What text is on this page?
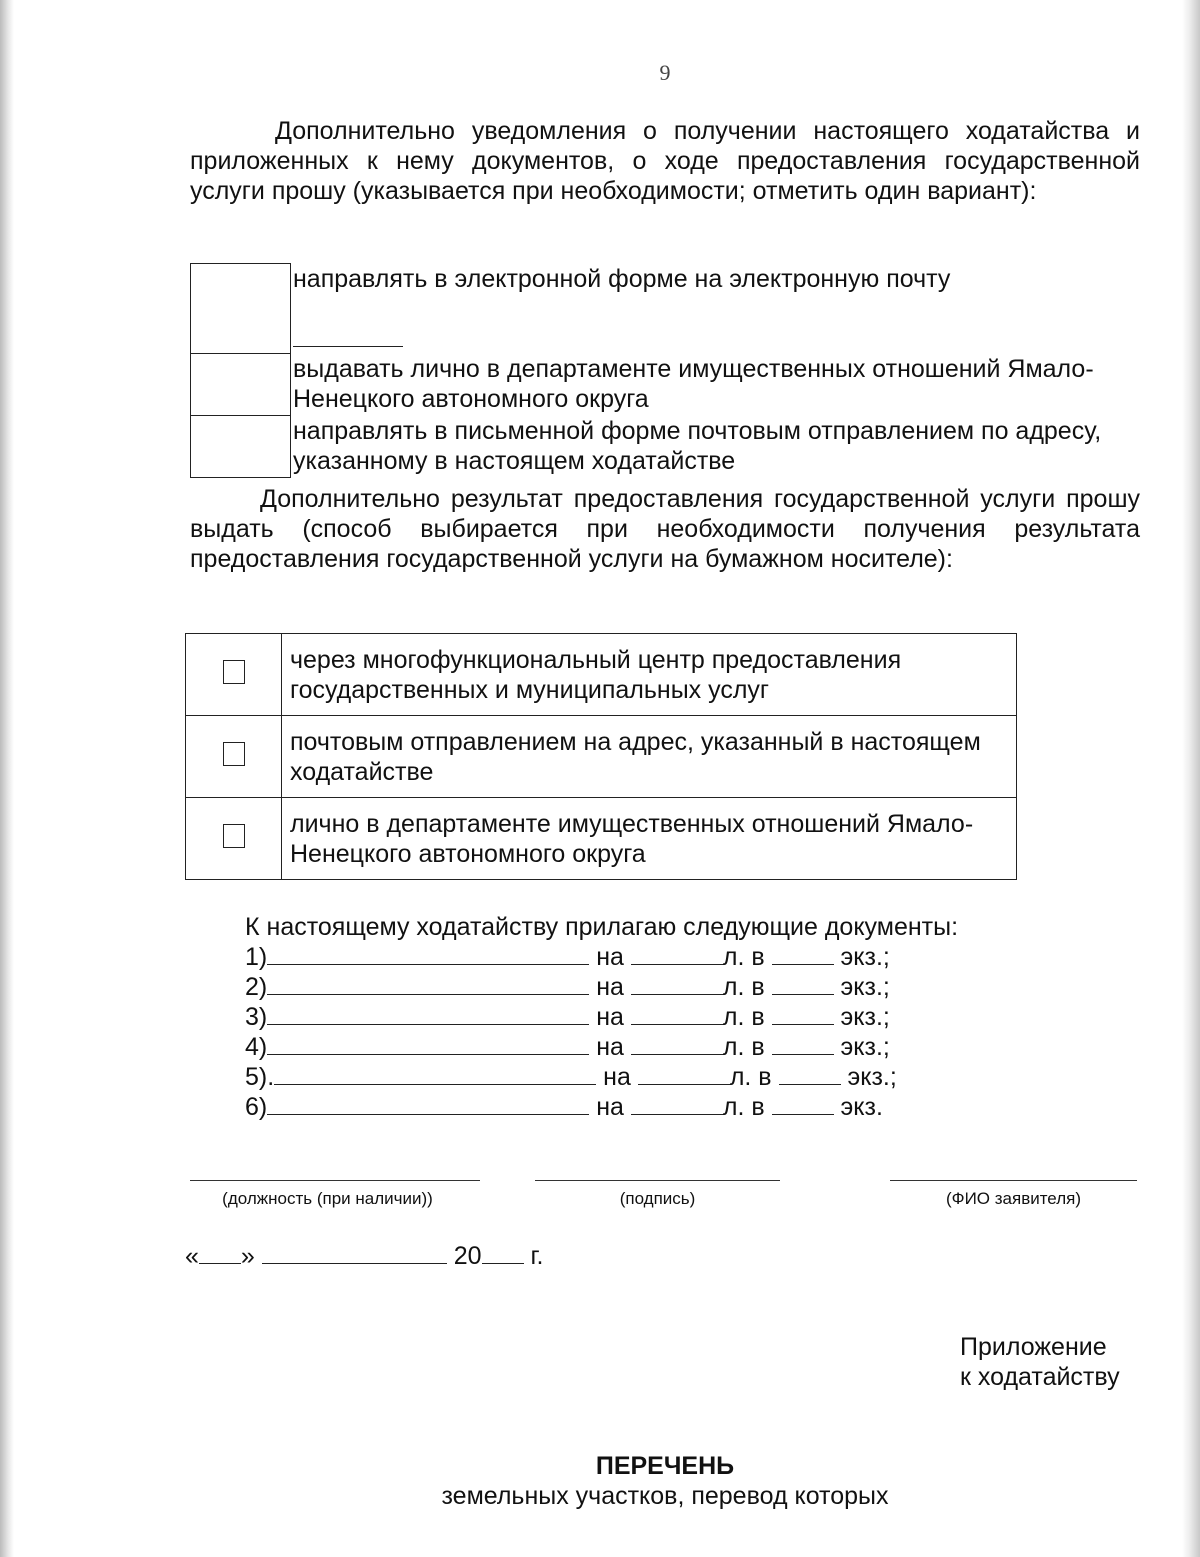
9
Дополнительно уведомления о получении настоящего ходатайства и приложенных к нему документов, о ходе предоставления государственной услуги прошу (указывается при необходимости; отметить один вариант):
	направлять в электронной форме на электронную почту

	выдавать лично в департаменте имущественных отношений Ямало-Ненецкого автономного округа
	направлять в письменной форме почтовым отправлением по адресу, указанному в настоящем ходатайстве
Дополнительно результат предоставления государственной услуги прошу выдать (способ выбирается при необходимости получения результата предоставления государственной услуги на бумажном носителе):
	через многофункциональный центр предоставления государственных и муниципальных услуг
	почтовым отправлением на адрес, указанный в настоящем ходатайстве
	лично в департаменте имущественных отношений Ямало-Ненецкого автономного округа
К настоящему ходатайству прилагаю следующие документы:
1)	на	л. в	экз.;
2)	на	л. в	экз.;
3)	на	л. в	экз.;
4)	на	л. в	экз.;
5).	на	л. в	экз.;
6)	на	л. в	экз.
(должность (при наличии))	(подпись)	(ФИО заявителя)
« »	20 г.
Приложение
к ходатайству
ПЕРЕЧЕНЬ
земельных участков, перевод которых
